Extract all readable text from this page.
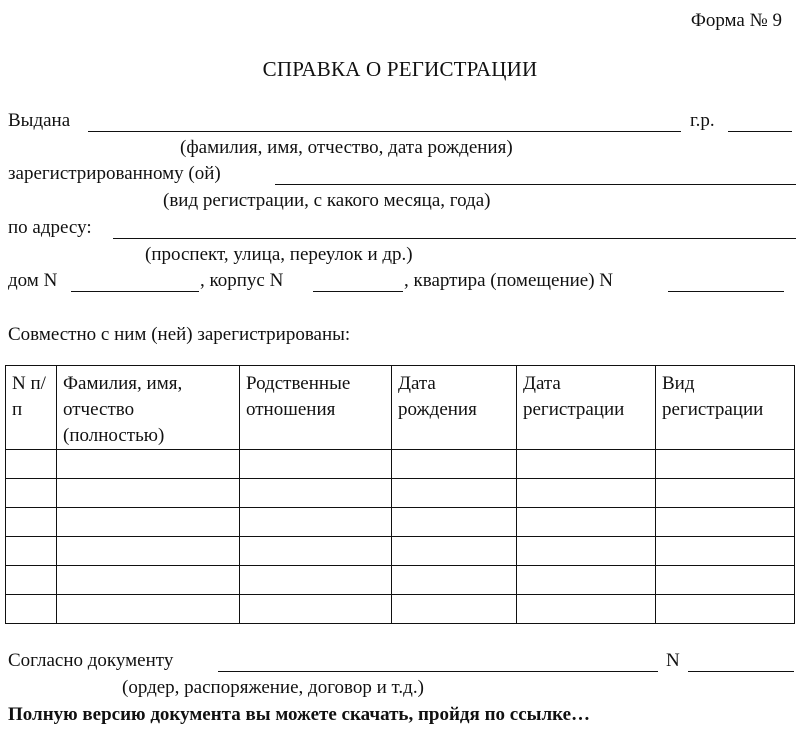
Форма № 9
СПРАВКА О РЕГИСТРАЦИИ
Выдана	г.р.
(фамилия, имя, отчество, дата рождения)
зарегистрированному (ой)
(вид регистрации, с какого месяца, года)
по адресу:
(проспект, улица, переулок и др.)
дом N	, корпус N	, квартира (помещение) N
Совместно с ним (ней) зарегистрированы:
N п/п	Фамилия, имя, отчество (полностью)	Родственные отношения	Дата рождения	Дата регистрации	Вид регистрации

Согласно документу	N
(ордер, распоряжение, договор и т.д.)
Полную версию документа вы можете скачать, пройдя по ссылке…
